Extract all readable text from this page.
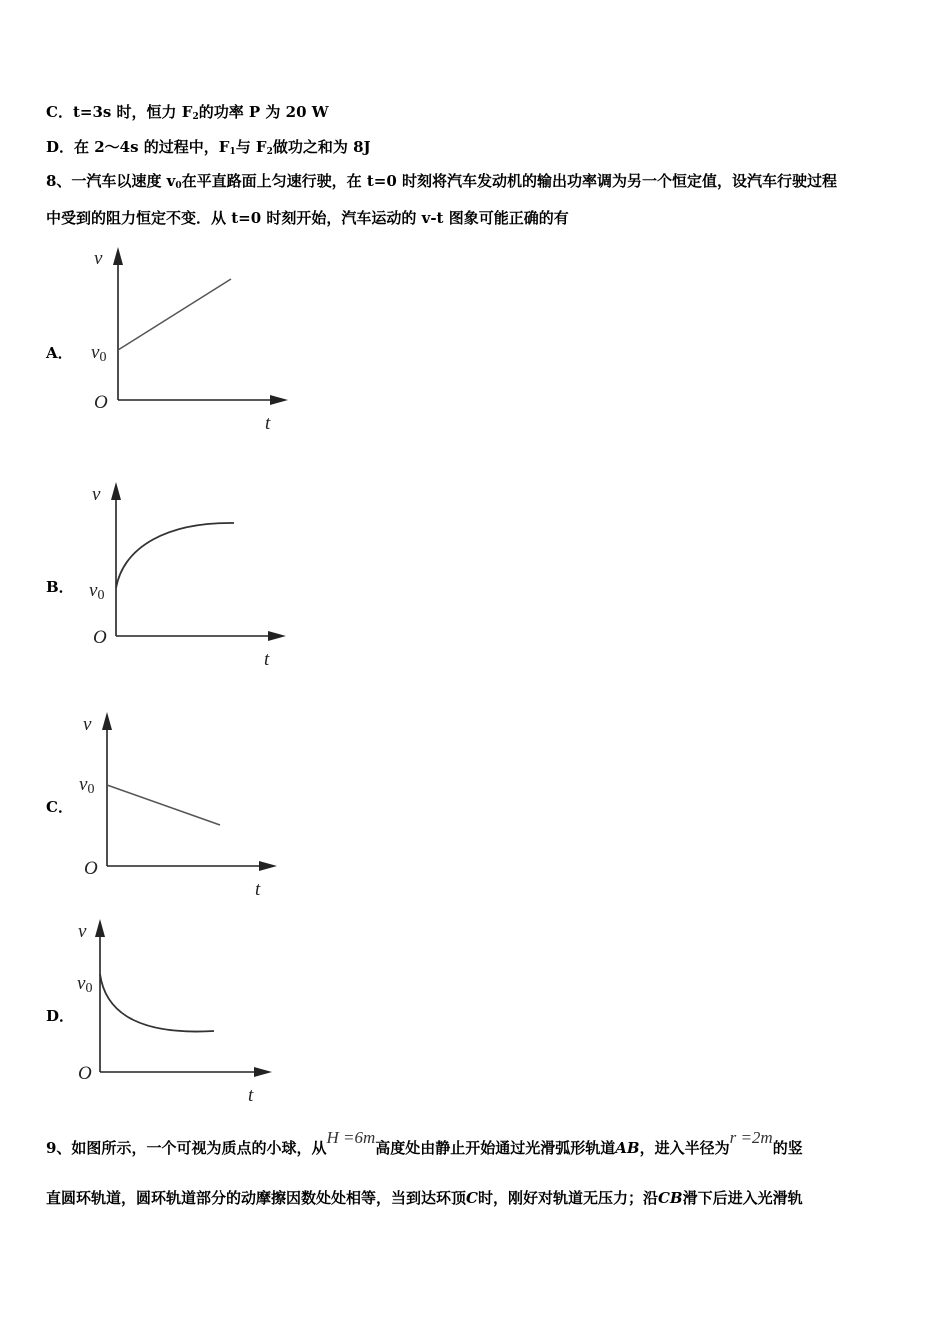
C．t=3s 时，恒力 $F_2$的功率 P 为 20 W
D．在 2～4s 的过程中，$F_1$与 $F_2$做功之和为 8J
8、一汽车以速度 $v_0$在平直路面上匀速行驶，在 t=0 时刻将汽车发动机的输出功率调为另一个恒定值，设汽车行驶过程
中受到的阻力恒定不变．从 t=0 时刻开始，汽车运动的 v-t 图象可能正确的有
A．
v
v0
O
t
B．
v
v0
O
t
C．
v
v0
O
t
D．
v
v0
O
t
9、如图所示，一个可视为质点的小球，从H =6m高度处由静止开始通过光滑弧形轨道AB，进入半径为r =2m的竖
直圆环轨道，圆环轨道部分的动摩擦因数处处相等，当到达环顶C时，刚好对轨道无压力；沿CB滑下后进入光滑轨
